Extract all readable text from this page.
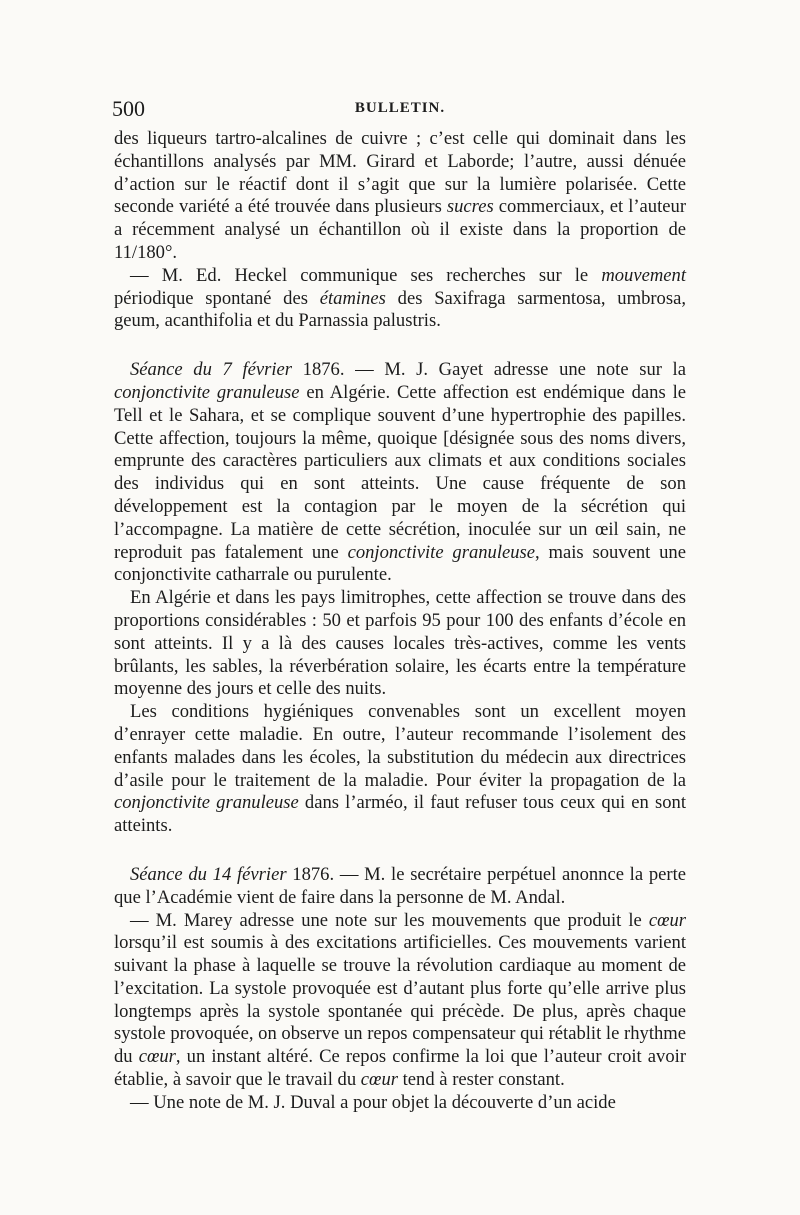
500	BULLETIN.

des liqueurs tartro-alcalines de cuivre ; c’est celle qui dominait dans les échantillons analysés par MM. Girard et Laborde; l’autre, aussi dénuée d’action sur le réactif dont il s’agit que sur la lumière polarisée. Cette seconde variété a été trouvée dans plusieurs sucres commerciaux, et l’auteur a récemment analysé un échantillon où il existe dans la proportion de 11/180°.

— M. Ed. Heckel communique ses recherches sur le mouvement périodique spontané des étamines des Saxifraga sarmentosa, umbrosa, geum, acanthifolia et du Parnassia palustris.

Séance du 7 février 1876. — M. J. Gayet adresse une note sur la conjonctivite granuleuse en Algérie. Cette affection est endémique dans le Tell et le Sahara, et se complique souvent d’une hypertrophie des papilles. Cette affection, toujours la même, quoique [désignée sous des noms divers, emprunte des caractères particuliers aux climats et aux conditions sociales des individus qui en sont atteints. Une cause fréquente de son développement est la contagion par le moyen de la sécrétion qui l’accompagne. La matière de cette sécrétion, inoculée sur un œil sain, ne reproduit pas fatalement une conjonctivite granuleuse, mais souvent une conjonctivite catharrale ou purulente.

En Algérie et dans les pays limitrophes, cette affection se trouve dans des proportions considérables : 50 et parfois 95 pour 100 des enfants d’école en sont atteints. Il y a là des causes locales très-actives, comme les vents brûlants, les sables, la réverbération solaire, les écarts entre la température moyenne des jours et celle des nuits.

Les conditions hygiéniques convenables sont un excellent moyen d’enrayer cette maladie. En outre, l’auteur recommande l’isolement des enfants malades dans les écoles, la substitution du médecin aux directrices d’asile pour le traitement de la maladie. Pour éviter la propagation de la conjonctivite granuleuse dans l’arméo, il faut refuser tous ceux qui en sont atteints.

Séance du 14 février 1876. — M. le secrétaire perpétuel anonnce la perte que l’Académie vient de faire dans la personne de M. Andal.

— M. Marey adresse une note sur les mouvements que produit le cœur lorsqu’il est soumis à des excitations artificielles. Ces mouvements varient suivant la phase à laquelle se trouve la révolution cardiaque au moment de l’excitation. La systole provoquée est d’autant plus forte qu’elle arrive plus longtemps après la systole spontanée qui précède. De plus, après chaque systole provoquée, on observe un repos compensateur qui rétablit le rhythme du cœur, un instant altéré. Ce repos confirme la loi que l’auteur croit avoir établie, à savoir que le travail du cœur tend à rester constant.

— Une note de M. J. Duval a pour objet la découverte d’un acide
